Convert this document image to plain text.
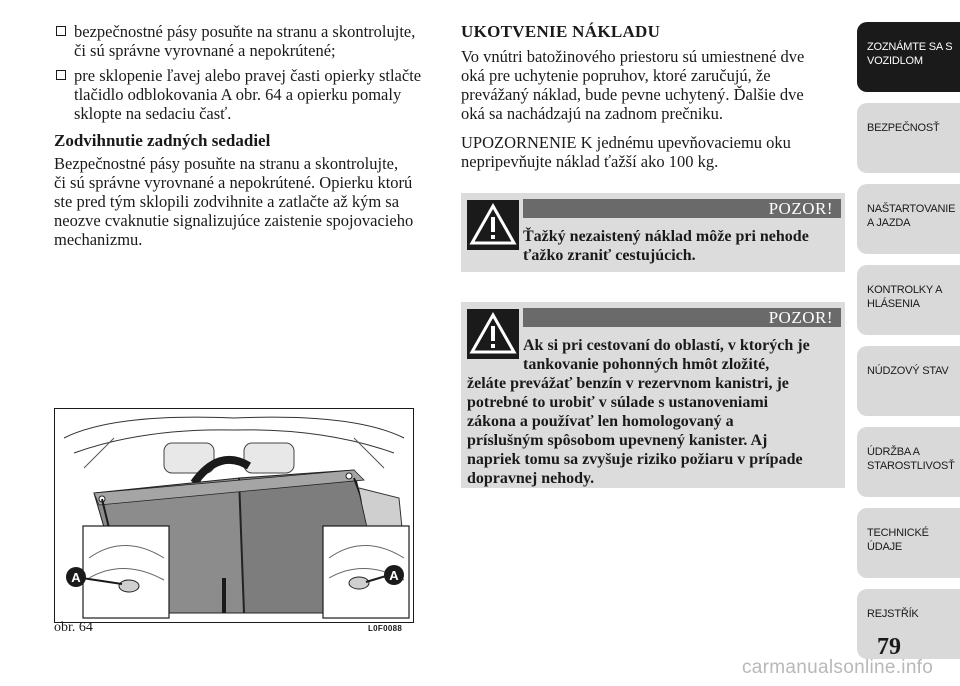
bezpečnostné pásy posuňte na stranu a skontrolujte,
či sú správne vyrovnané a nepokrútené;
pre sklopenie ľavej alebo pravej časti opierky stlačte
tlačidlo odblokovania A obr. 64 a opierku pomaly
sklopte na sedaciu časť.
Zodvihnutie zadných sedadiel

Bezpečnostné pásy posuňte na stranu a skontrolujte,
či sú správne vyrovnané a nepokrútené. Opierku ktorú
ste pred tým sklopili zodvihnite a zatlačte až kým sa
neozve cvaknutie signalizujúce zaistenie spojovacieho
mechanizmu.

A	A
obr. 64	L0F0088
UKOTVENIE NÁKLADU

Vo vnútri batožinového priestoru sú umiestnené dve
oká pre uchytenie popruhov, ktoré zaručujú, že
prevážaný náklad, bude pevne uchytený. Ďalšie dve
oká sa nachádzajú na zadnom prečniku.

UPOZORNENIE K jednému upevňovaciemu oku
nepripevňujte náklad ťažší ako 100 kg.

POZOR!
Ťažký nezaistený náklad môže pri nehode
ťažko zraniť cestujúcich.
POZOR!
Ak si pri cestovaní do oblastí, v ktorých je
tankovanie pohonných hmôt zložité,
želáte prevážať benzín v rezervnom kanistri, je
potrebné to urobiť v súlade s ustanoveniami
zákona a používať len homologovaný a
príslušným spôsobom upevnený kanister. Aj
napriek tomu sa zvyšuje riziko požiaru v prípade
dopravnej nehody.
ZOZNÁMTE SA S
VOZIDLOM
BEZPEČNOSŤ

NAŠTARTOVANIE
A JAZDA
KONTROLKY A
HLÁSENIA
NÚDZOVÝ STAV

ÚDRŽBA A
STAROSTLIVOSŤ
TECHNICKÉ
ÚDAJE
REJSTŘÍK

79
carmanualsonline.info
